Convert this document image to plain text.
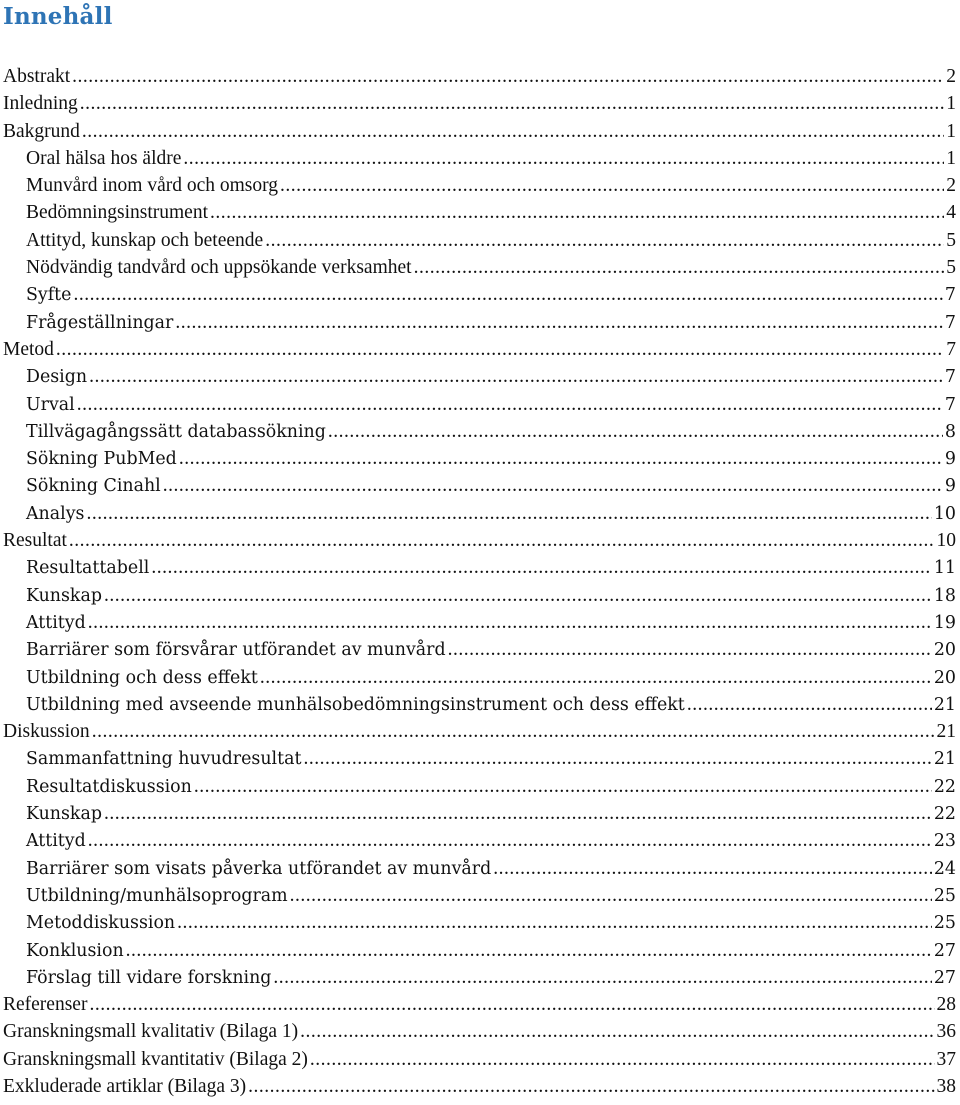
Innehåll
Abstrakt .....	2
Inledning .....	1
Bakgrund .....	1
Oral hälsa hos äldre .....	1
Munvård inom vård och omsorg .....	2
Bedömningsinstrument .....	4
Attityd, kunskap och beteende .....	5
Nödvändig tandvård och uppsökande verksamhet .....	5
Syfte .....	7
Frågeställningar .....	7
Metod .....	7
Design .....	7
Urval .....	7
Tillvägagångssätt databassökning .....	8
Sökning PubMed .....	9
Sökning Cinahl .....	9
Analys .....	10
Resultat .....	10
Resultattabell .....	11
Kunskap .....	18
Attityd .....	19
Barriärer som försvårar utförandet av munvård .....	20
Utbildning och dess effekt .....	20
Utbildning med avseende munhälsobedömningsinstrument och dess effekt .....	21
Diskussion .....	21
Sammanfattning huvudresultat .....	21
Resultatdiskussion .....	22
Kunskap .....	22
Attityd .....	23
Barriärer som visats påverka utförandet av munvård .....	24
Utbildning/munhälsoprogram .....	25
Metoddiskussion .....	25
Konklusion .....	27
Förslag till vidare forskning .....	27
Referenser .....	28
Granskningsmall kvalitativ (Bilaga 1) .....	36
Granskningsmall kvantitativ (Bilaga 2) .....	37
Exkluderade artiklar (Bilaga 3) .....	38
